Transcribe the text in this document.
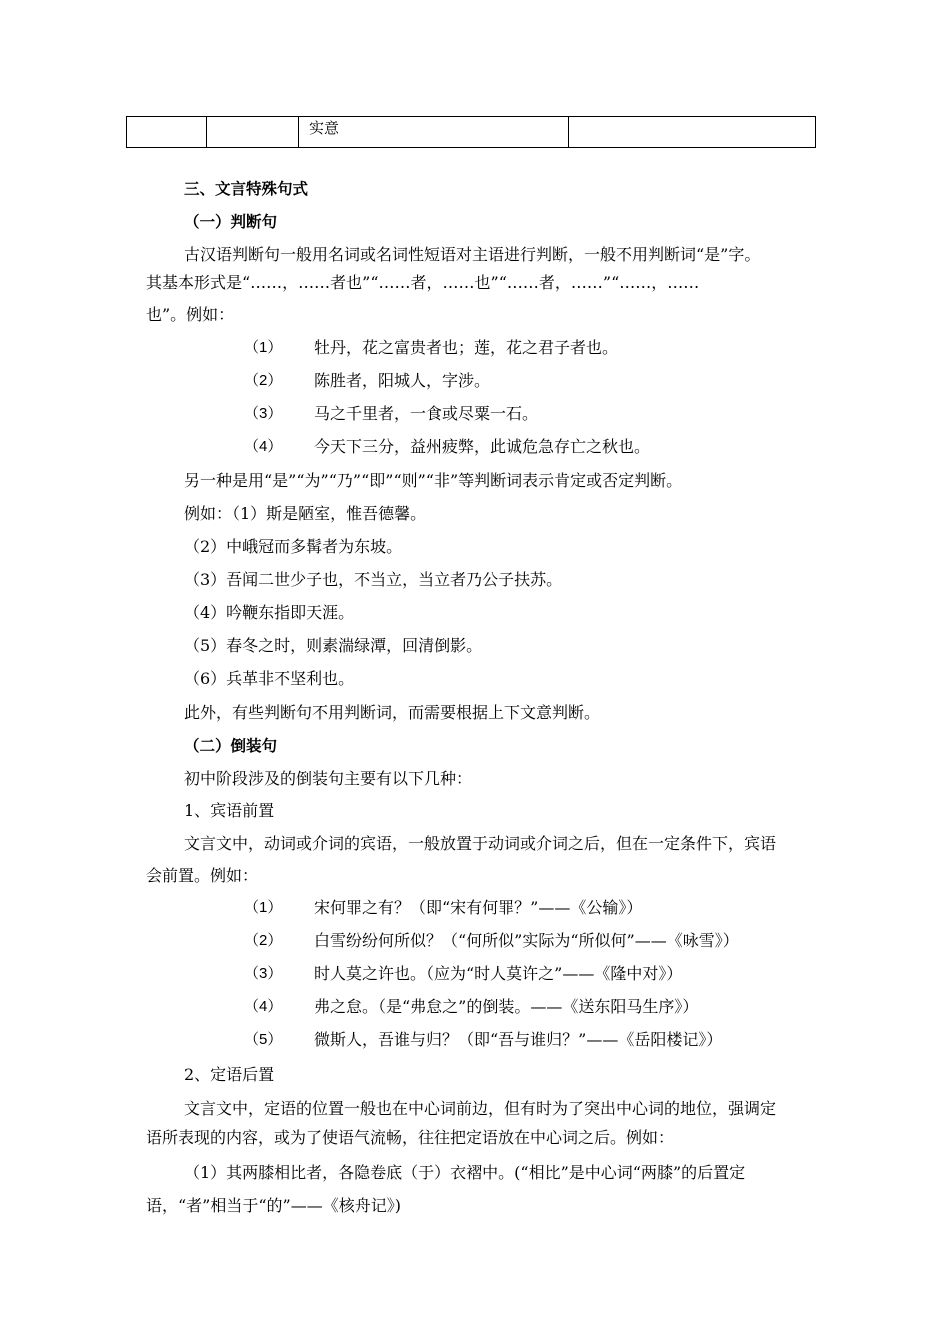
		实意	
三、文言特殊句式
（一）判断句
古汉语判断句一般用名词或名词性短语对主语进行判断，一般不用判断词“是”字。
其基本形式是“……，……者也”“……者，……也”“……者，……”“……，……
也”。例如：
（1） 牡丹，花之富贵者也；莲，花之君子者也。
（2） 陈胜者，阳城人，字涉。
（3） 马之千里者，一食或尽粟一石。
（4） 今天下三分，益州疲弊，此诚危急存亡之秋也。
另一种是用“是”“为”“乃”“即”“则”“非”等判断词表示肯定或否定判断。
例如：（1）斯是陋室，惟吾德馨。
（2）中峨冠而多髯者为东坡。
（3）吾闻二世少子也，不当立，当立者乃公子扶苏。
（4）吟鞭东指即天涯。
（5）春冬之时，则素湍绿潭，回清倒影。
（6）兵革非不坚利也。
此外，有些判断句不用判断词，而需要根据上下文意判断。
（二）倒装句
初中阶段涉及的倒装句主要有以下几种：
1、宾语前置
文言文中，动词或介词的宾语，一般放置于动词或介词之后，但在一定条件下，宾语
会前置。例如：
（1） 宋何罪之有？（即“宋有何罪？”——《公输》）
（2） 白雪纷纷何所似？（“何所似”实际为“所似何”——《咏雪》）
（3） 时人莫之许也。（应为“时人莫许之”——《隆中对》）
（4） 弗之怠。（是“弗怠之”的倒装。——《送东阳马生序》）
（5） 微斯人，吾谁与归？（即“吾与谁归？”——《岳阳楼记》）
2、定语后置
文言文中，定语的位置一般也在中心词前边，但有时为了突出中心词的地位，强调定
语所表现的内容，或为了使语气流畅，往往把定语放在中心词之后。例如：
（1）其两膝相比者，各隐卷底（于）衣褶中。(“相比”是中心词“两膝”的后置定
语，“者”相当于“的”——《核舟记》)
